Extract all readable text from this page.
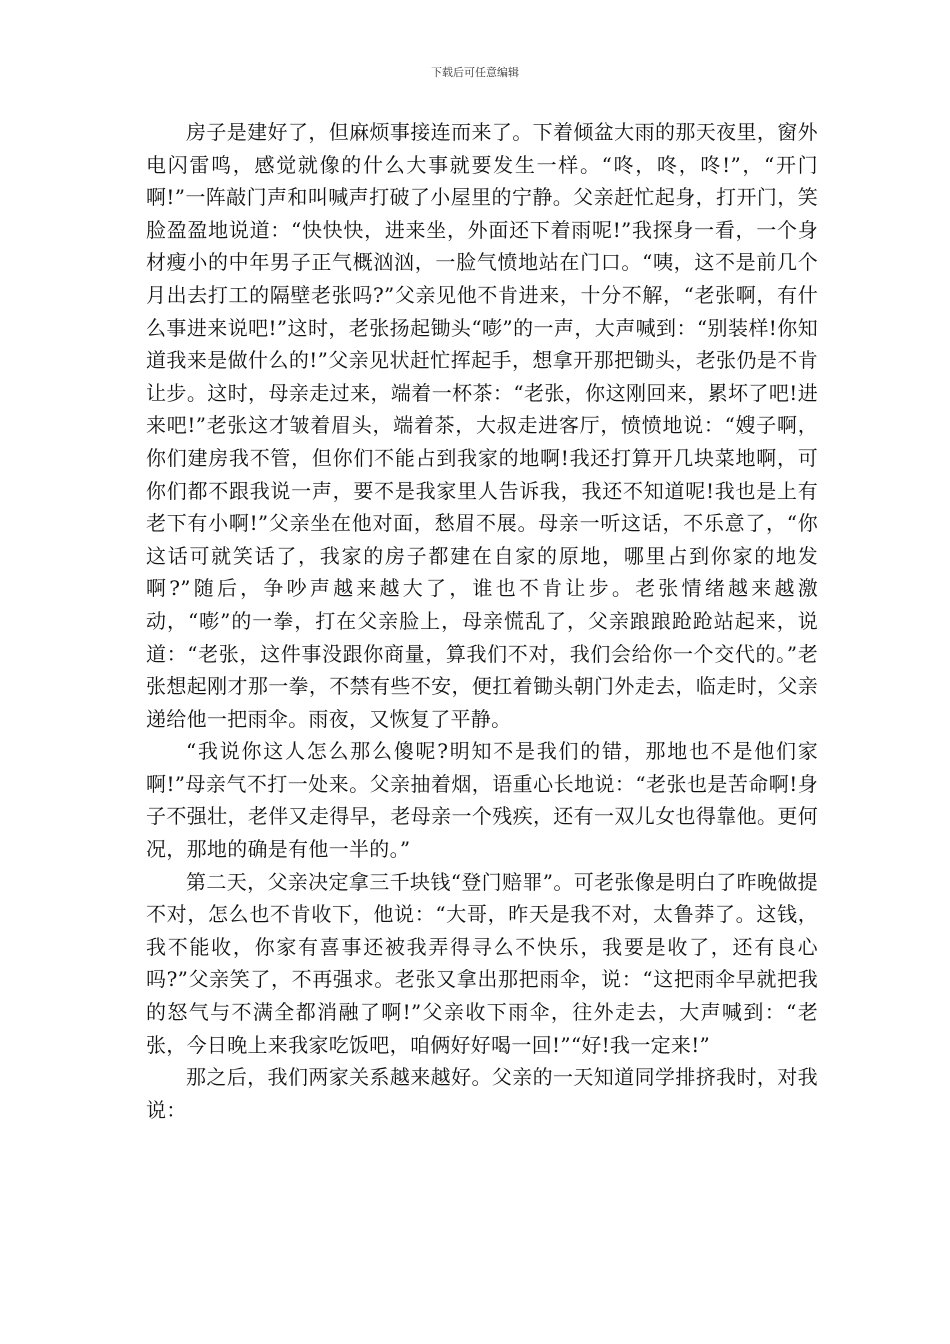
下载后可任意编辑

房子是建好了，但麻烦事接连而来了。下着倾盆大雨的那天夜里，窗外电闪雷鸣，感觉就像的什么大事就要发生一样。“咚，咚，咚!”，“开门啊!”一阵敲门声和叫喊声打破了小屋里的宁静。父亲赶忙起身，打开门，笑脸盈盈地说道：“快快快，进来坐，外面还下着雨呢!”我探身一看，一个身材瘦小的中年男子正气概汹汹，一脸气愤地站在门口。“咦，这不是前几个月出去打工的隔壁老张吗?”父亲见他不肯进来，十分不解，“老张啊，有什么事进来说吧!”这时，老张扬起锄头“嘭”的一声，大声喊到：“别装样!你知道我来是做什么的!”父亲见状赶忙挥起手，想拿开那把锄头，老张仍是不肯让步。这时，母亲走过来，端着一杯茶：“老张，你这刚回来，累坏了吧!进来吧!”老张这才皱着眉头，端着茶，大叔走进客厅，愤愤地说：“嫂子啊，你们建房我不管，但你们不能占到我家的地啊!我还打算开几块菜地啊，可你们都不跟我说一声，要不是我家里人告诉我，我还不知道呢!我也是上有老下有小啊!”父亲坐在他对面，愁眉不展。母亲一听这话，不乐意了，“你这话可就笑话了，我家的房子都建在自家的原地，哪里占到你家的地发啊?”随后，争吵声越来越大了，谁也不肯让步。老张情绪越来越激动，“嘭”的一拳，打在父亲脸上，母亲慌乱了，父亲踉踉跄跄站起来，说道：“老张，这件事没跟你商量，算我们不对，我们会给你一个交代的。”老张想起刚才那一拳，不禁有些不安，便扛着锄头朝门外走去，临走时，父亲递给他一把雨伞。雨夜，又恢复了平静。

“我说你这人怎么那么傻呢?明知不是我们的错，那地也不是他们家啊!”母亲气不打一处来。父亲抽着烟，语重心长地说：“老张也是苦命啊!身子不强壮，老伴又走得早，老母亲一个残疾，还有一双儿女也得靠他。更何况，那地的确是有他一半的。”

第二天，父亲决定拿三千块钱“登门赔罪”。可老张像是明白了昨晚做提不对，怎么也不肯收下，他说：“大哥，昨天是我不对，太鲁莽了。这钱，我不能收，你家有喜事还被我弄得寻么不快乐，我要是收了，还有良心吗?”父亲笑了，不再强求。老张又拿出那把雨伞，说：“这把雨伞早就把我的怒气与不满全都消融了啊!”父亲收下雨伞，往外走去，大声喊到：“老张，今日晚上来我家吃饭吧，咱俩好好喝一回!”“好!我一定来!”

那之后，我们两家关系越来越好。父亲的一天知道同学排挤我时，对我说：
